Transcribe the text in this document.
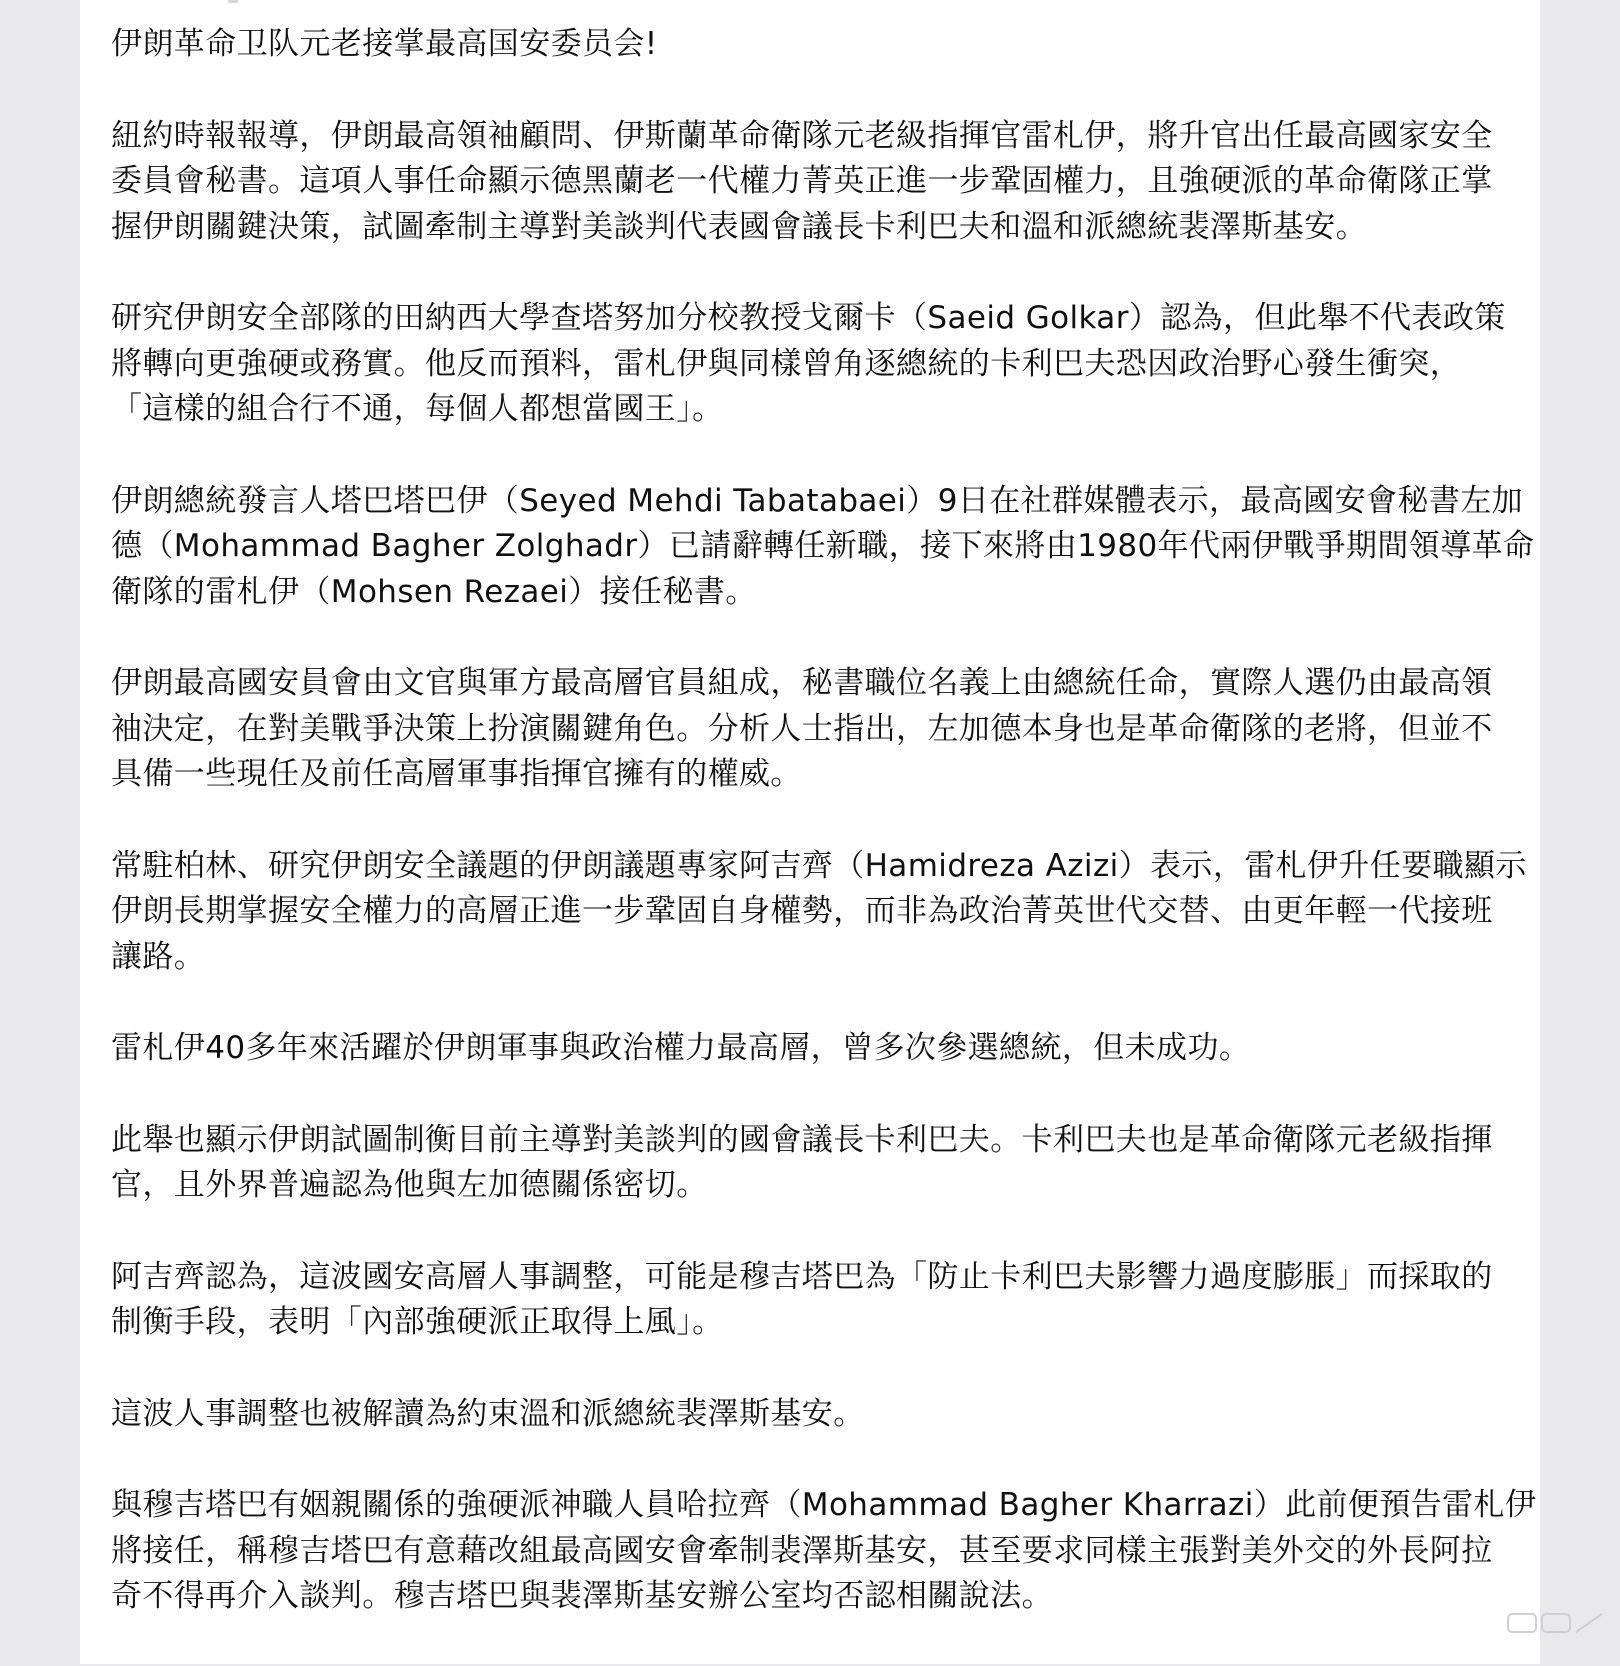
伊朗革命卫队元老接掌最高国安委员会!

紐約時報報導，伊朗最高領袖顧問、伊斯蘭革命衛隊元老級指揮官雷札伊，將升官出任最高國家安全
委員會秘書。這項人事任命顯示德黑蘭老一代權力菁英正進一步鞏固權力，且強硬派的革命衛隊正掌
握伊朗關鍵決策，試圖牽制主導對美談判代表國會議長卡利巴夫和溫和派總統裴澤斯基安。

研究伊朗安全部隊的田納西大學查塔努加分校教授戈爾卡（Saeid Golkar）認為，但此舉不代表政策
將轉向更強硬或務實。他反而預料，雷札伊與同樣曾角逐總統的卡利巴夫恐因政治野心發生衝突，
「這樣的組合行不通，每個人都想當國王」。

伊朗總統發言人塔巴塔巴伊（Seyed Mehdi Tabatabaei）9日在社群媒體表示，最高國安會秘書左加
德（Mohammad Bagher Zolghadr）已請辭轉任新職，接下來將由1980年代兩伊戰爭期間領導革命
衛隊的雷札伊（Mohsen Rezaei）接任秘書。

伊朗最高國安員會由文官與軍方最高層官員組成，秘書職位名義上由總統任命，實際人選仍由最高領
袖決定，在對美戰爭決策上扮演關鍵角色。分析人士指出，左加德本身也是革命衛隊的老將，但並不
具備一些現任及前任高層軍事指揮官擁有的權威。

常駐柏林、研究伊朗安全議題的伊朗議題專家阿吉齊（Hamidreza Azizi）表示，雷札伊升任要職顯示
伊朗長期掌握安全權力的高層正進一步鞏固自身權勢，而非為政治菁英世代交替、由更年輕一代接班
讓路。

雷札伊40多年來活躍於伊朗軍事與政治權力最高層，曾多次參選總統，但未成功。

此舉也顯示伊朗試圖制衡目前主導對美談判的國會議長卡利巴夫。卡利巴夫也是革命衛隊元老級指揮
官，且外界普遍認為他與左加德關係密切。

阿吉齊認為，這波國安高層人事調整，可能是穆吉塔巴為「防止卡利巴夫影響力過度膨脹」而採取的
制衡手段，表明「內部強硬派正取得上風」。

這波人事調整也被解讀為約束溫和派總統裴澤斯基安。

與穆吉塔巴有姻親關係的強硬派神職人員哈拉齊（Mohammad Bagher Kharrazi）此前便預告雷札伊
將接任，稱穆吉塔巴有意藉改組最高國安會牽制裴澤斯基安，甚至要求同樣主張對美外交的外長阿拉
奇不得再介入談判。穆吉塔巴與裴澤斯基安辦公室均否認相關說法。
